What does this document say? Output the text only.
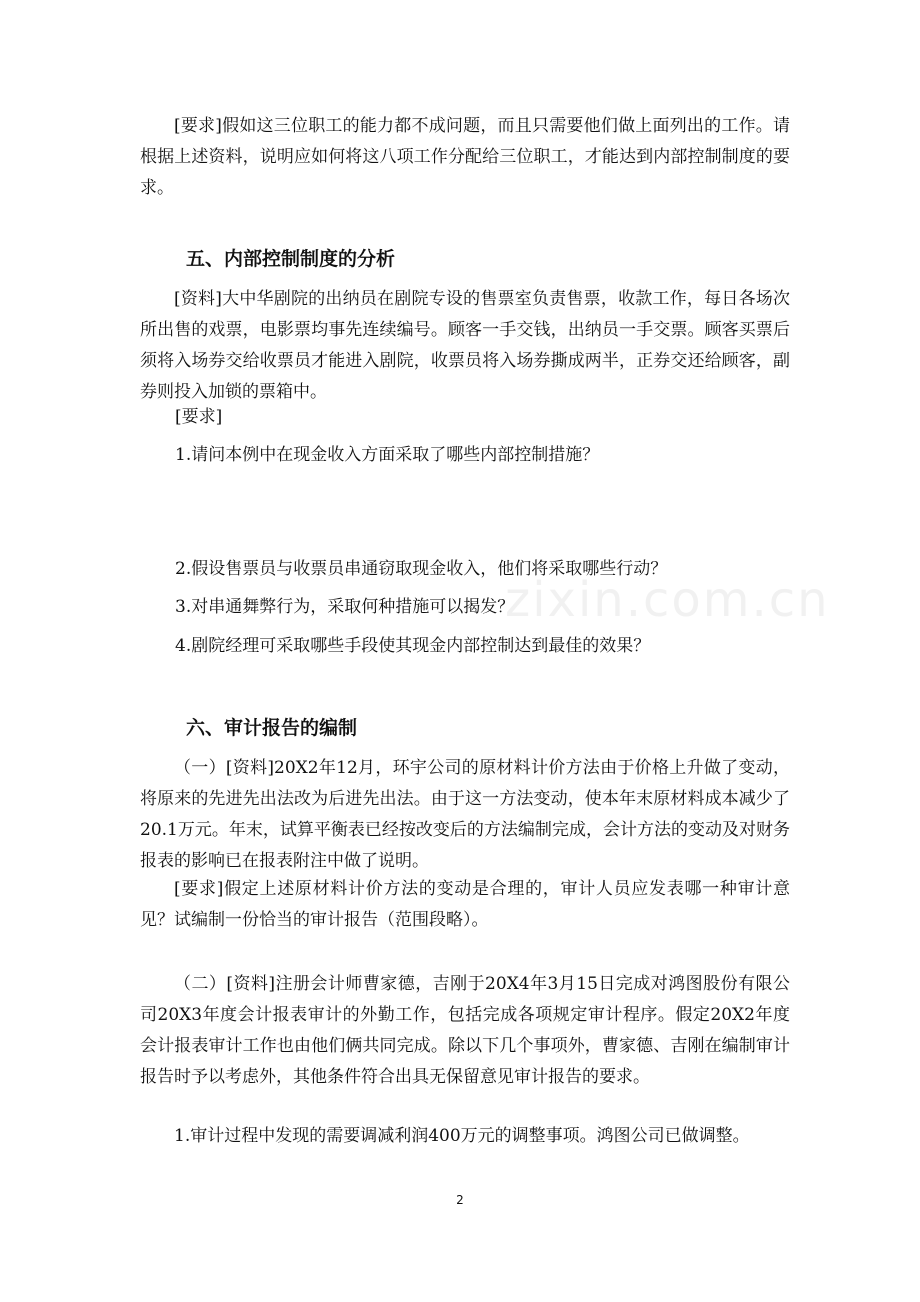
[要求]假如这三位职工的能力都不成问题，而且只需要他们做上面列出的工作。请根据上述资料，说明应如何将这八项工作分配给三位职工，才能达到内部控制制度的要求。

五、内部控制制度的分析

[资料]大中华剧院的出纳员在剧院专设的售票室负责售票，收款工作，每日各场次所出售的戏票，电影票均事先连续编号。顾客一手交钱，出纳员一手交票。顾客买票后须将入场券交给收票员才能进入剧院，收票员将入场券撕成两半，正券交还给顾客，副券则投入加锁的票箱中。

[要求]

1.请问本例中在现金收入方面采取了哪些内部控制措施？

2.假设售票员与收票员串通窃取现金收入，他们将采取哪些行动？

3.对串通舞弊行为，采取何种措施可以揭发？

4.剧院经理可采取哪些手段使其现金内部控制达到最佳的效果？

六、审计报告的编制

（一）[资料]20X2年12月，环宇公司的原材料计价方法由于价格上升做了变动，将原来的先进先出法改为后进先出法。由于这一方法变动，使本年末原材料成本减少了20.1万元。年末，试算平衡表已经按改变后的方法编制完成，会计方法的变动及对财务报表的影响已在报表附注中做了说明。

[要求]假定上述原材料计价方法的变动是合理的，审计人员应发表哪一种审计意见？试编制一份恰当的审计报告（范围段略）。

（二）[资料]注册会计师曹家德，吉刚于20X4年3月15日完成对鸿图股份有限公司20X3年度会计报表审计的外勤工作，包括完成各项规定审计程序。假定20X2年度会计报表审计工作也由他们俩共同完成。除以下几个事项外，曹家德、吉刚在编制审计报告时予以考虑外，其他条件符合出具无保留意见审计报告的要求。

1.审计过程中发现的需要调减利润400万元的调整事项。鸿图公司已做调整。

zixin.com.cn
2
